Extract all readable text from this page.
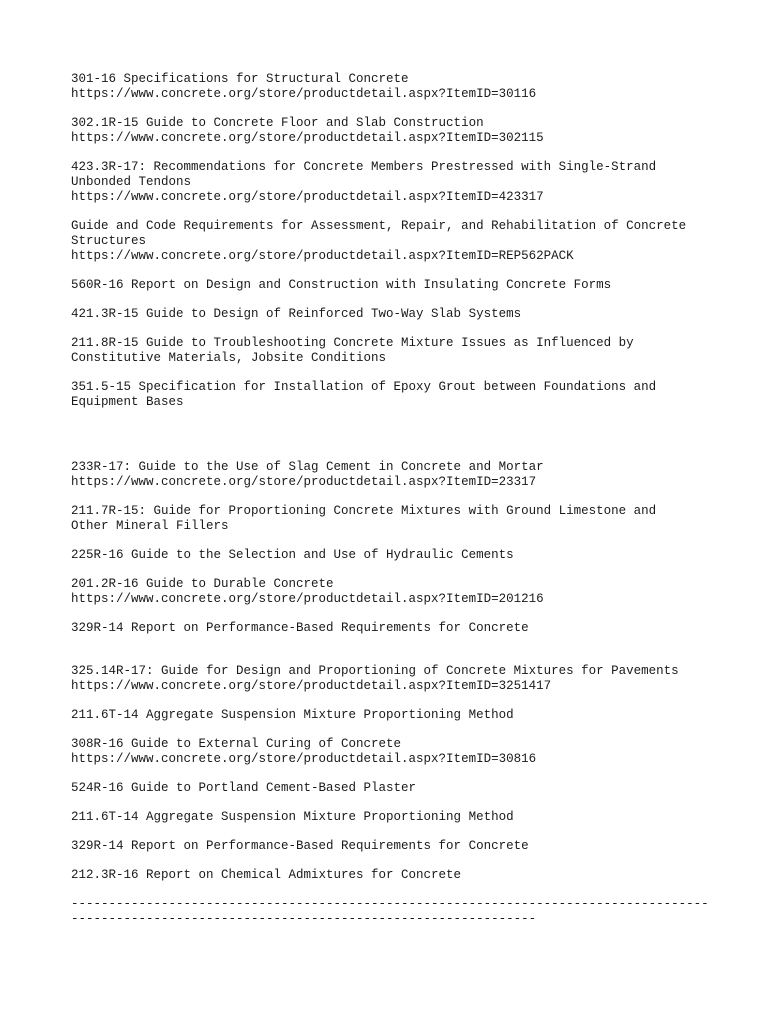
301-16 Specifications for Structural Concrete
https://www.concrete.org/store/productdetail.aspx?ItemID=30116
302.1R-15 Guide to Concrete Floor and Slab Construction
https://www.concrete.org/store/productdetail.aspx?ItemID=302115
423.3R-17: Recommendations for Concrete Members Prestressed with Single-Strand
Unbonded Tendons
https://www.concrete.org/store/productdetail.aspx?ItemID=423317
Guide and Code Requirements for Assessment, Repair, and Rehabilitation of Concrete
Structures
https://www.concrete.org/store/productdetail.aspx?ItemID=REP562PACK
560R-16 Report on Design and Construction with Insulating Concrete Forms
421.3R-15 Guide to Design of Reinforced Two-Way Slab Systems
211.8R-15 Guide to Troubleshooting Concrete Mixture Issues as Influenced by
Constitutive Materials, Jobsite Conditions
351.5-15 Specification for Installation of Epoxy Grout between Foundations and
Equipment Bases
233R-17: Guide to the Use of Slag Cement in Concrete and Mortar
https://www.concrete.org/store/productdetail.aspx?ItemID=23317
211.7R-15: Guide for Proportioning Concrete Mixtures with Ground Limestone and
Other Mineral Fillers
225R-16 Guide to the Selection and Use of Hydraulic Cements
201.2R-16 Guide to Durable Concrete
https://www.concrete.org/store/productdetail.aspx?ItemID=201216
329R-14 Report on Performance-Based Requirements for Concrete
325.14R-17: Guide for Design and Proportioning of Concrete Mixtures for Pavements
https://www.concrete.org/store/productdetail.aspx?ItemID=3251417
211.6T-14 Aggregate Suspension Mixture Proportioning Method
308R-16 Guide to External Curing of Concrete
https://www.concrete.org/store/productdetail.aspx?ItemID=30816
524R-16 Guide to Portland Cement-Based Plaster
211.6T-14 Aggregate Suspension Mixture Proportioning Method
329R-14 Report on Performance-Based Requirements for Concrete
212.3R-16 Report on Chemical Admixtures for Concrete
-------------------------------------------------------------------------------------
--------------------------------------------------------------
